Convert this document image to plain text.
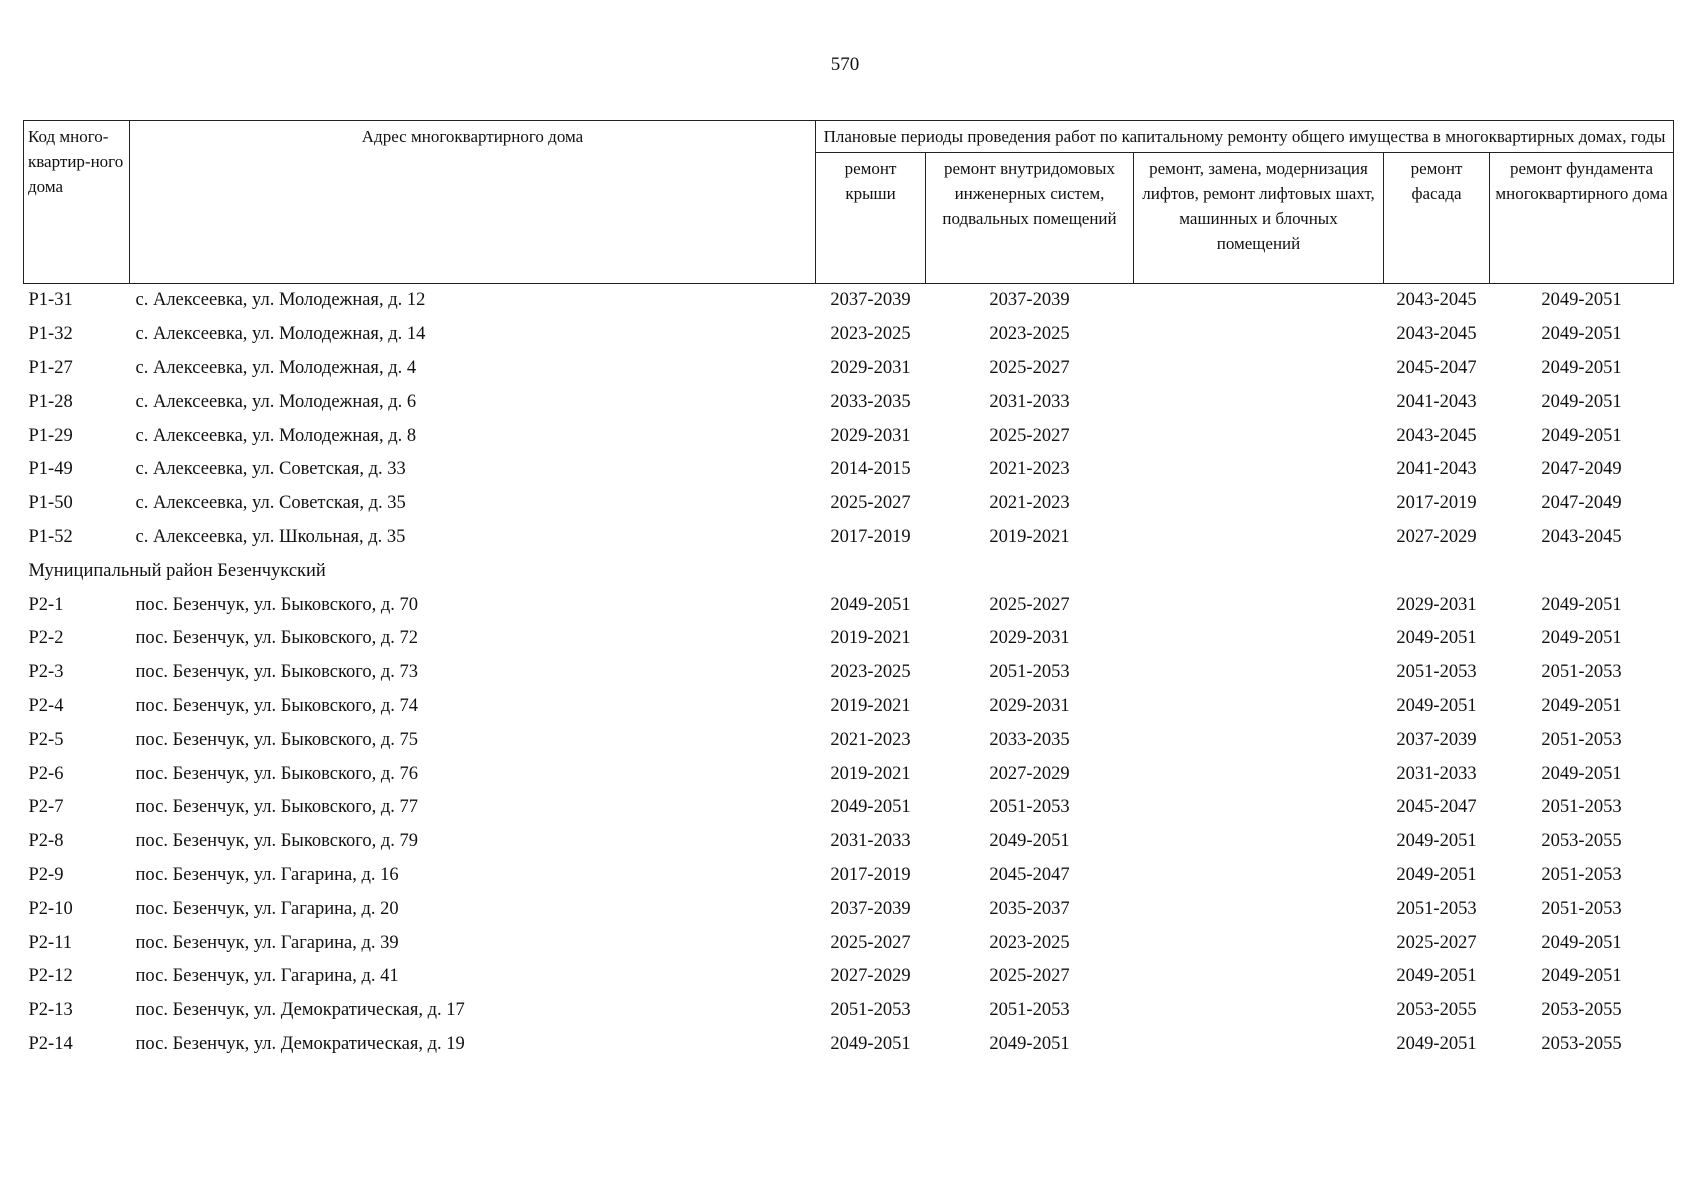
570
Код много-квартир-ного дома	Адрес многоквартирного дома	Плановые периоды проведения работ по капитальному ремонту общего имущества в многоквартирных домах, годы				
		ремонт крыши	ремонт внутридомовых инженерных систем, подвальных помещений	ремонт, замена, модернизация лифтов, ремонт лифтовых шахт, машинных и блочных помещений	ремонт фасада	ремонт фундамента многоквартирного дома
P1-31	с. Алексеевка, ул. Молодежная, д. 12	2037-2039	2037-2039		2043-2045	2049-2051
P1-32	с. Алексеевка, ул. Молодежная, д. 14	2023-2025	2023-2025		2043-2045	2049-2051
P1-27	с. Алексеевка, ул. Молодежная, д. 4	2029-2031	2025-2027		2045-2047	2049-2051
P1-28	с. Алексеевка, ул. Молодежная, д. 6	2033-2035	2031-2033		2041-2043	2049-2051
P1-29	с. Алексеевка, ул. Молодежная, д. 8	2029-2031	2025-2027		2043-2045	2049-2051
P1-49	с. Алексеевка, ул. Советская, д. 33	2014-2015	2021-2023		2041-2043	2047-2049
P1-50	с. Алексеевка, ул. Советская, д. 35	2025-2027	2021-2023		2017-2019	2047-2049
P1-52	с. Алексеевка, ул. Школьная, д. 35	2017-2019	2019-2021		2027-2029	2043-2045
Муниципальный район Безенчукский						
P2-1	пос. Безенчук, ул. Быковского, д. 70	2049-2051	2025-2027		2029-2031	2049-2051
P2-2	пос. Безенчук, ул. Быковского, д. 72	2019-2021	2029-2031		2049-2051	2049-2051
P2-3	пос. Безенчук, ул. Быковского, д. 73	2023-2025	2051-2053		2051-2053	2051-2053
P2-4	пос. Безенчук, ул. Быковского, д. 74	2019-2021	2029-2031		2049-2051	2049-2051
P2-5	пос. Безенчук, ул. Быковского, д. 75	2021-2023	2033-2035		2037-2039	2051-2053
P2-6	пос. Безенчук, ул. Быковского, д. 76	2019-2021	2027-2029		2031-2033	2049-2051
P2-7	пос. Безенчук, ул. Быковского, д. 77	2049-2051	2051-2053		2045-2047	2051-2053
P2-8	пос. Безенчук, ул. Быковского, д. 79	2031-2033	2049-2051		2049-2051	2053-2055
P2-9	пос. Безенчук, ул. Гагарина, д. 16	2017-2019	2045-2047		2049-2051	2051-2053
P2-10	пос. Безенчук, ул. Гагарина, д. 20	2037-2039	2035-2037		2051-2053	2051-2053
P2-11	пос. Безенчук, ул. Гагарина, д. 39	2025-2027	2023-2025		2025-2027	2049-2051
P2-12	пос. Безенчук, ул. Гагарина, д. 41	2027-2029	2025-2027		2049-2051	2049-2051
P2-13	пос. Безенчук, ул. Демократическая, д. 17	2051-2053	2051-2053		2053-2055	2053-2055
P2-14	пос. Безенчук, ул. Демократическая, д. 19	2049-2051	2049-2051		2049-2051	2053-2055
